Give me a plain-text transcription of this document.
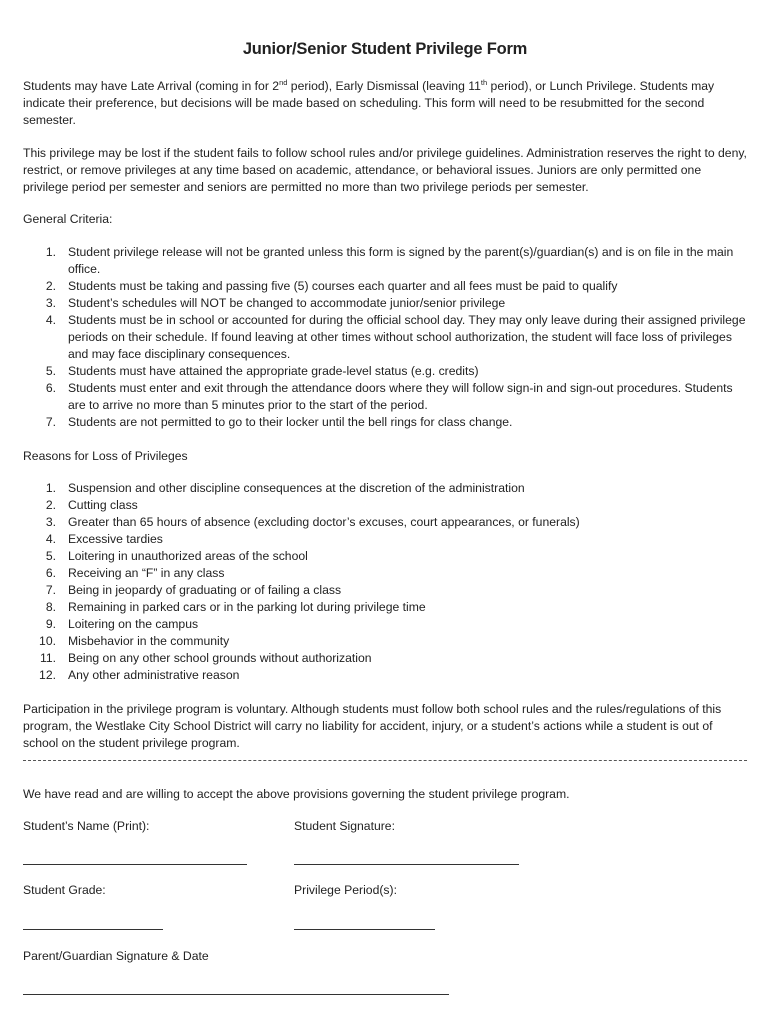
Junior/Senior Student Privilege Form

Students may have Late Arrival (coming in for 2nd period), Early Dismissal (leaving 11th period), or Lunch Privilege. Students may indicate their preference, but decisions will be made based on scheduling. This form will need to be resubmitted for the second semester.

This privilege may be lost if the student fails to follow school rules and/or privilege guidelines. Administration reserves the right to deny, restrict, or remove privileges at any time based on academic, attendance, or behavioral issues. Juniors are only permitted one privilege period per semester and seniors are permitted no more than two privilege periods per semester.

General Criteria:

1. Student privilege release will not be granted unless this form is signed by the parent(s)/guardian(s) and is on file in the main office.
2. Students must be taking and passing five (5) courses each quarter and all fees must be paid to qualify
3. Student’s schedules will NOT be changed to accommodate junior/senior privilege
4. Students must be in school or accounted for during the official school day. They may only leave during their assigned privilege periods on their schedule. If found leaving at other times without school authorization, the student will face loss of privileges and may face disciplinary consequences.
5. Students must have attained the appropriate grade-level status (e.g. credits)
6. Students must enter and exit through the attendance doors where they will follow sign-in and sign-out procedures. Students are to arrive no more than 5 minutes prior to the start of the period.
7. Students are not permitted to go to their locker until the bell rings for class change.

Reasons for Loss of Privileges

1. Suspension and other discipline consequences at the discretion of the administration
2. Cutting class
3. Greater than 65 hours of absence (excluding doctor’s excuses, court appearances, or funerals)
4. Excessive tardies
5. Loitering in unauthorized areas of the school
6. Receiving an “F” in any class
7. Being in jeopardy of graduating or of failing a class
8. Remaining in parked cars or in the parking lot during privilege time
9. Loitering on the campus
10. Misbehavior in the community
11. Being on any other school grounds without authorization
12. Any other administrative reason

Participation in the privilege program is voluntary. Although students must follow both school rules and the rules/regulations of this program, the Westlake City School District will carry no liability for accident, injury, or a student’s actions while a student is out of school on the student privilege program.

We have read and are willing to accept the above provisions governing the student privilege program.

Student’s Name (Print):	Student Signature:
Student Grade:	Privilege Period(s):
Parent/Guardian Signature & Date
